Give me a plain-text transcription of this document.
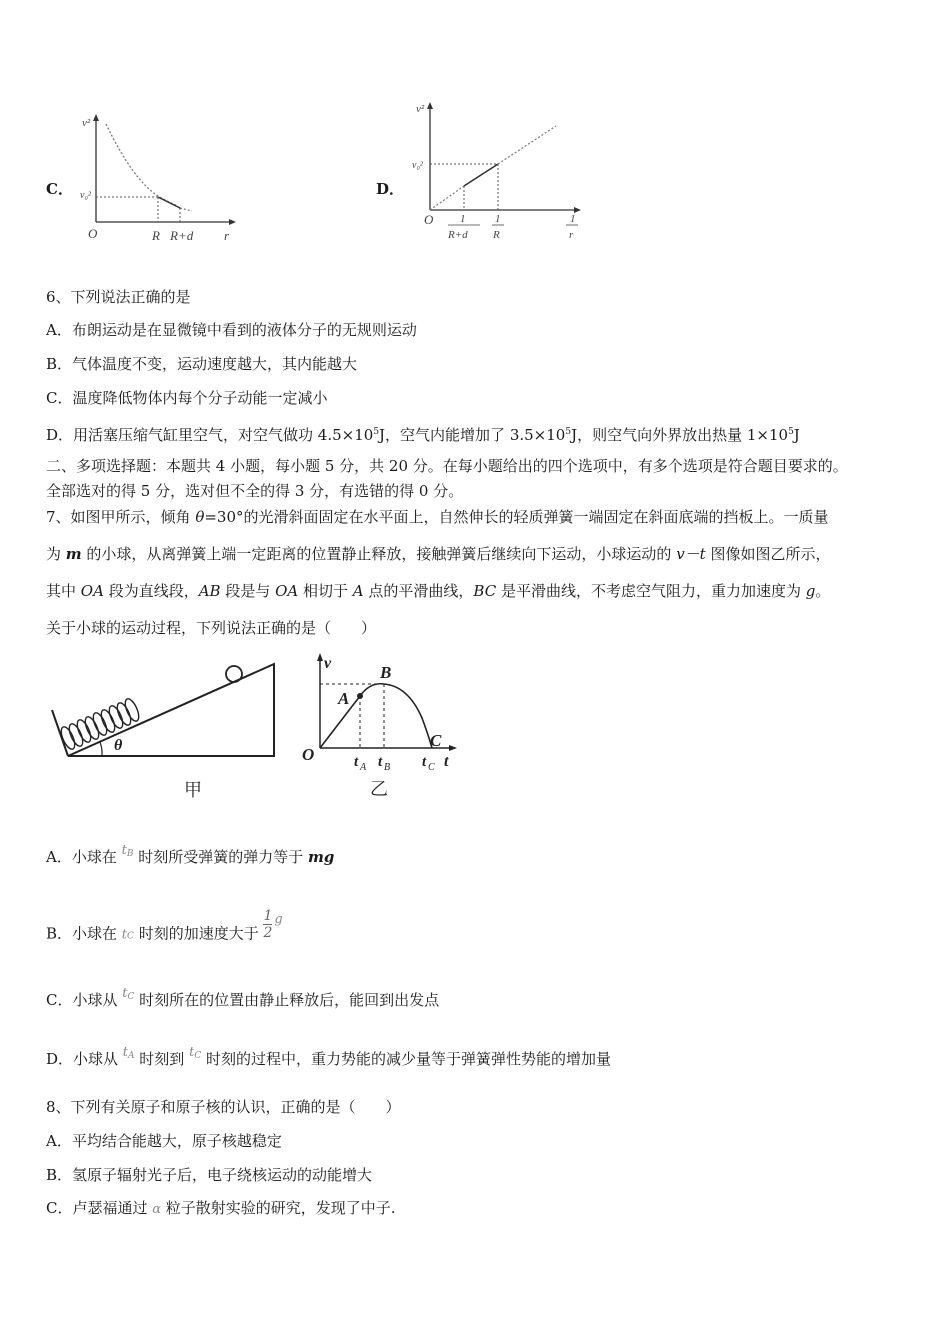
C．
v²
v₀²
O	R R+d r
D．
v²
v₀²
O 1
R+d
1
R
1
r
6、下列说法正确的是
A．布朗运动是在显微镜中看到的液体分子的无规则运动
B．气体温度不变，运动速度越大，其内能越大
C．温度降低物体内每个分子动能一定减小
D．用活塞压缩气缸里空气，对空气做功 $4.5\times 10^5J$，空气内能增加了 $3.5\times 10^5J$，则空气向外界放出热量 $1\times 10^5J$
二、多项选择题：本题共 4 小题，每小题 5 分，共 20 分。在每小题给出的四个选项中，有多个选项是符合题目要求的。
全部选对的得 5 分，选对但不全的得 3 分，有选错的得 0 分。
7、如图甲所示，倾角 θ=30°的光滑斜面固定在水平面上，自然伸长的轻质弹簧一端固定在斜面底端的挡板上。一质量
为 m 的小球，从离弹簧上端一定距离的位置静止释放，接触弹簧后继续向下运动，小球运动的 v－t 图像如图乙所示，
其中 OA 段为直线段，AB 段是与 OA 相切于 A 点的平滑曲线，BC 是平滑曲线，不考虑空气阻力，重力加速度为 g。
关于小球的运动过程，下列说法正确的是（　　）
θ
甲
v	B
A
O
C
t
t A t B t C
乙
A．小球在 $t^B$ 时刻所受弹簧的弹力等于 mg
B．小球在 tC 时刻的加速度大于 $\frac{1}{2}$ g
C．小球从 $t^C$ 时刻所在的位置由静止释放后，能回到出发点
D．小球从 $t^A$ 时刻到 $t^C$ 时刻的过程中，重力势能的减少量等于弹簧弹性势能的增加量
8、下列有关原子和原子核的认识，正确的是（　　）
A．平均结合能越大，原子核越稳定
B．氢原子辐射光子后，电子绕核运动的动能增大
C．卢瑟福通过 α 粒子散射实验的研究，发现了中子.
